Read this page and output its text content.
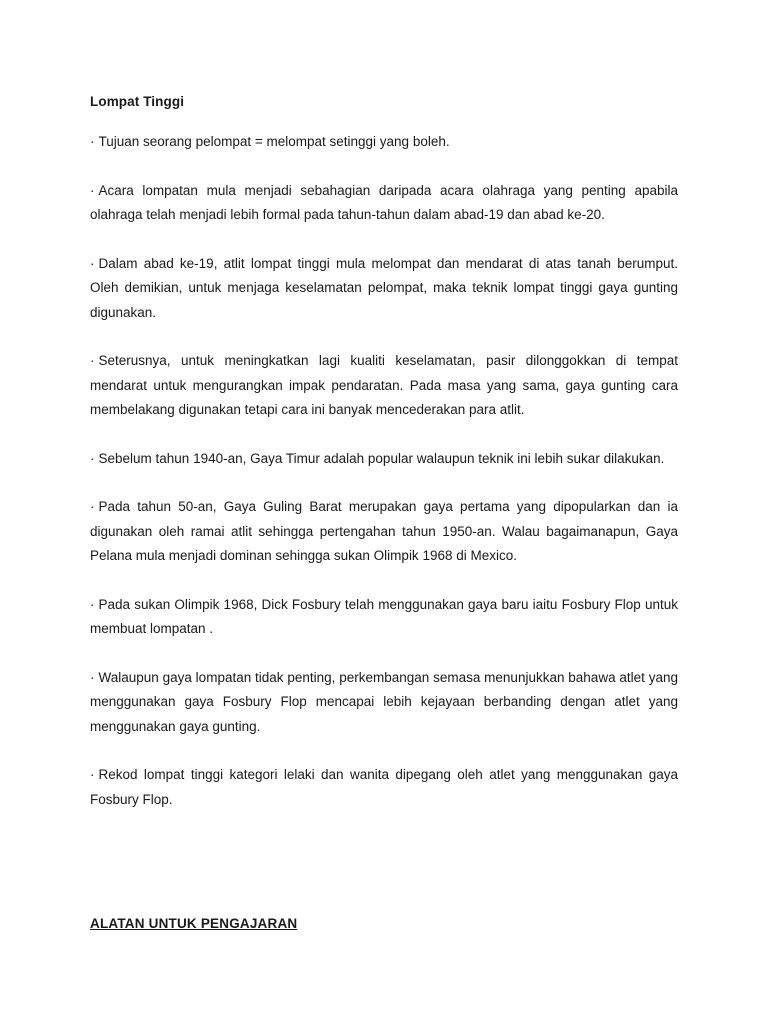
Lompat Tinggi

· Tujuan seorang pelompat = melompat setinggi yang boleh.

· Acara lompatan mula menjadi sebahagian daripada acara olahraga yang penting apabila olahraga telah menjadi lebih formal pada tahun-tahun dalam abad-19 dan abad ke-20.

· Dalam abad ke-19, atlit lompat tinggi mula melompat dan mendarat di atas tanah berumput. Oleh demikian, untuk menjaga keselamatan pelompat, maka teknik lompat tinggi gaya gunting digunakan.

· Seterusnya, untuk meningkatkan lagi kualiti keselamatan, pasir dilonggokkan di tempat mendarat untuk mengurangkan impak pendaratan. Pada masa yang sama, gaya gunting cara membelakang digunakan tetapi cara ini banyak mencederakan para atlit.

· Sebelum tahun 1940-an, Gaya Timur adalah popular walaupun teknik ini lebih sukar dilakukan.

· Pada tahun 50-an, Gaya Guling Barat merupakan gaya pertama yang dipopularkan dan ia digunakan oleh ramai atlit sehingga pertengahan tahun 1950-an. Walau bagaimanapun, Gaya Pelana mula menjadi dominan sehingga sukan Olimpik 1968 di Mexico.

· Pada sukan Olimpik 1968, Dick Fosbury telah menggunakan gaya baru iaitu Fosbury Flop untuk membuat lompatan .

· Walaupun gaya lompatan tidak penting, perkembangan semasa menunjukkan bahawa atlet yang menggunakan gaya Fosbury Flop mencapai lebih kejayaan berbanding dengan atlet yang menggunakan gaya gunting.

· Rekod lompat tinggi kategori lelaki dan wanita dipegang oleh atlet yang menggunakan gaya Fosbury Flop.

ALATAN UNTUK PENGAJARAN
